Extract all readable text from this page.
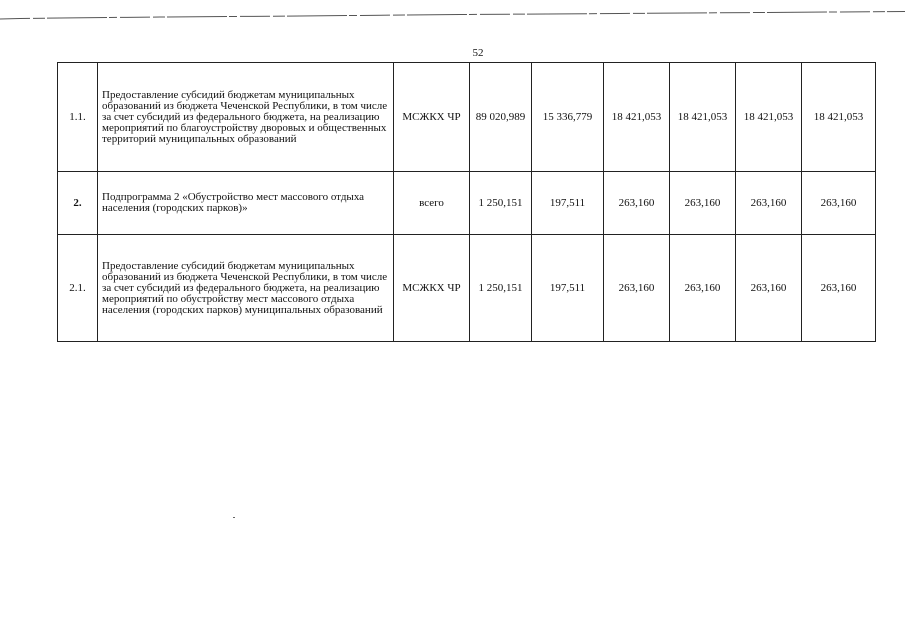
52
1.1.	Предоставление субсидий бюджетам муниципальных образований из бюджета Чеченской Республики, в том числе за счет субсидий из федерального бюджета, на реализацию мероприятий по благоустройству дворовых и общественных территорий муниципальных образований	МСЖКХ ЧР	89 020,989	15 336,779	18 421,053	18 421,053	18 421,053	18 421,053
2.	Подпрограмма 2 «Обустройство мест массового отдыха населения (городских парков)»	всего	1 250,151	197,511	263,160	263,160	263,160	263,160
2.1.	Предоставление субсидий бюджетам муниципальных образований из бюджета Чеченской Республики, в том числе за счет субсидий из федерального бюджета, на реализацию мероприятий по обустройству мест массового отдыха населения (городских парков) муниципальных образований	МСЖКХ ЧР	1 250,151	197,511	263,160	263,160	263,160	263,160
